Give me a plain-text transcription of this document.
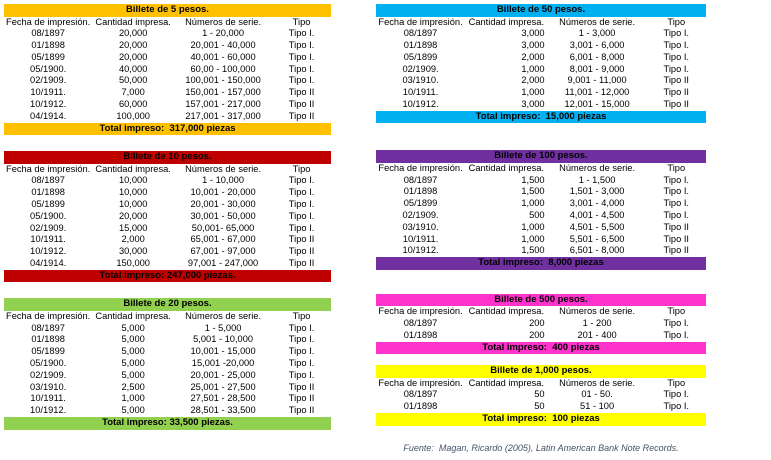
Billete de 5 pesos.
Fecha de impresión. Cantidad impresa.	Números de serie.	Tipo
08/1897	20,000	1 - 20,000	Tipo I.
01/1898	20,000	20,001 - 40,000	Tipo I.
05/1899	20,000	40,001 - 60,000	Tipo I.
05/1900.	40,000	60,00 - 100,000	Tipo I.
02/1909.	50,000	100,001 - 150,000	Tipo I.
10/1911.	7,000	150,001 - 157,000	Tipo II
10/1912.	60,000	157,001 - 217,000	Tipo II
04/1914.	100,000	217,001 - 317,000	Tipo II
Total impreso:  317,000 piezas
Billete de 10 pesos.
Fecha de impresión. Cantidad impresa.	Números de serie.	Tipo
08/1897	10,000	1 - 10,000	Tipo I.
01/1898	10,000	10,001 - 20,000	Tipo I.
05/1899	10,000	20,001 - 30,000	Tipo I.
05/1900.	20,000	30,001 - 50,000	Tipo I.
02/1909.	15,000	50,001- 65,000	Tipo I.
10/1911.	2,000	65,001 - 67,000	Tipo II
10/1912.	30,000	67,001 - 97,000	Tipo II
04/1914.	150,000	97,001 - 247,000	Tipo II
Total impreso: 247,000 piezas.
Billete de 20 pesos.
Fecha de impresión. Cantidad impresa.	Números de serie.	Tipo
08/1897	5,000	1 - 5,000	Tipo I.
01/1898	5,000	5,001 - 10,000	Tipo I.
05/1899	5,000	10,001 - 15,000	Tipo I.
05/1900.	5,000	15,001 -20,000	Tipo I.
02/1909.	5,000	20,001 - 25,000	Tipo I.
03/1910.	2,500	25,001 - 27,500	Tipo II
10/1911.	1,000	27,501 - 28,500	Tipo II
10/1912.	5,000	28,501 - 33,500	Tipo II
Total impreso: 33,500 piezas.
Billete de 50 pesos.
Fecha de impresión. Cantidad impresa.	Números de serie.	Tipo
08/1897	3,000	1 - 3,000	Tipo I.
01/1898	3,000	3,001 - 6,000	Tipo I.
05/1899	2,000	6,001 - 8,000	Tipo I.
02/1909.	1,000	8,001 - 9,000	Tipo I.
03/1910.	2,000	9,001 - 11,000	Tipo II
10/1911.	1,000	11,001 - 12,000	Tipo II
10/1912.	3,000	12,001 - 15,000	Tipo II
Total impreso:  15,000 piezas
Billete de 100 pesos.
Fecha de impresión. Cantidad impresa.	Números de serie.	Tipo
08/1897	1,500	1 - 1,500	Tipo I.
01/1898	1,500	1,501 - 3,000	Tipo I.
05/1899	1,000	3,001 - 4,000	Tipo I.
02/1909.	500	4,001 - 4,500	Tipo I.
03/1910.	1,000	4,501 - 5,500	Tipo II
10/1911.	1,000	5,501 - 6,500	Tipo II
10/1912.	1,500	6,501 - 8,000	Tipo II
Total impreso:  8,000 piezas
Billete de 500 pesos.
Fecha de impresión. Cantidad impresa.	Números de serie.	Tipo
08/1897	200	1 - 200	Tipo I.
01/1898	200	201 - 400	Tipo I.
Total impreso:  400 piezas
Billete de 1,000 pesos.
Fecha de impresión. Cantidad impresa.	Números de serie.	Tipo
08/1897	50	01 - 50.	Tipo I.
01/1898	50	51 - 100	Tipo I.
Total impreso:  100 piezas
Fuente:  Magan, Ricardo (2005), Latin American Bank Note Records.
